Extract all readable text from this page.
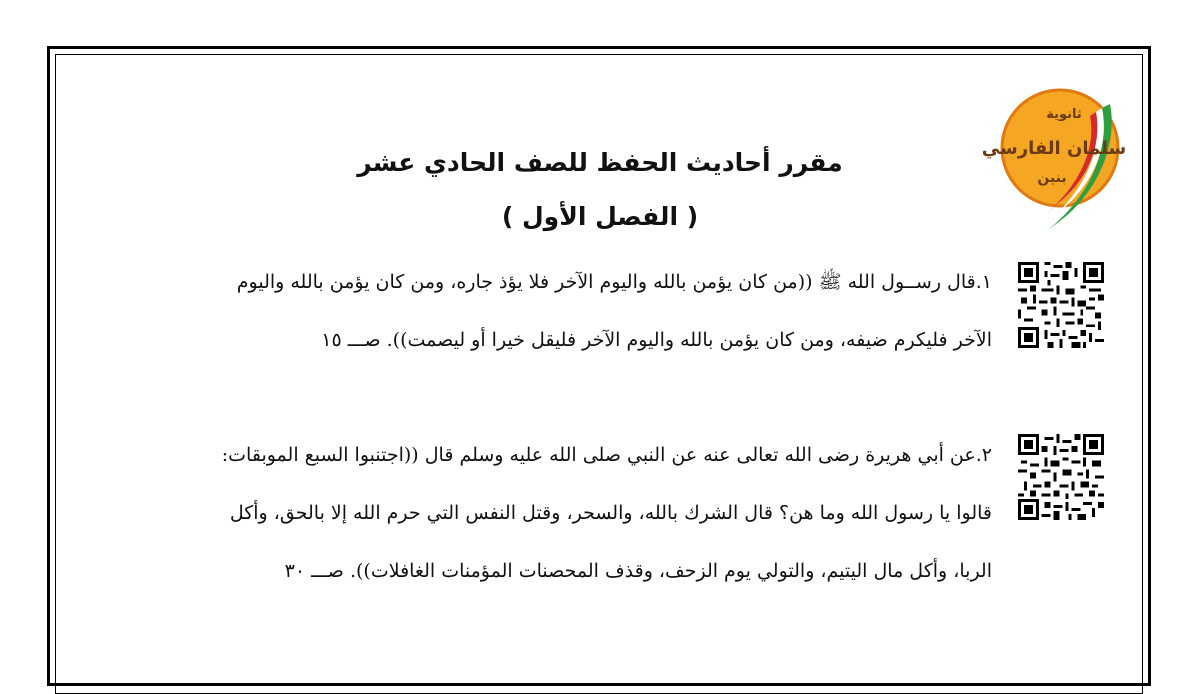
ثانوية
سلمان الفارسي
بنين
مقرر أحاديث الحفظ للصف الحادي عشر
( الفصل الأول )
١.قال رســول الله ﷺ ((من كان يؤمن بالله واليوم الآخر فلا يؤذ جاره، ومن كان يؤمن بالله واليوم
الآخر فليكرم ضيفه، ومن كان يؤمن بالله واليوم الآخر فليقل خيرا أو ليصمت)). صـــ ١٥
٢.عن أبي هريرة رضى الله تعالى عنه عن النبي صلى الله عليه وسلم قال ((اجتنبوا السبع الموبقات:
قالوا يا رسول الله وما هن؟ قال الشرك بالله، والسحر، وقتل النفس التي حرم الله إلا بالحق، وأكل
الربا، وأكل مال اليتيم، والتولي يوم الزحف، وقذف المحصنات المؤمنات الغافلات)). صـــ ٣٠
